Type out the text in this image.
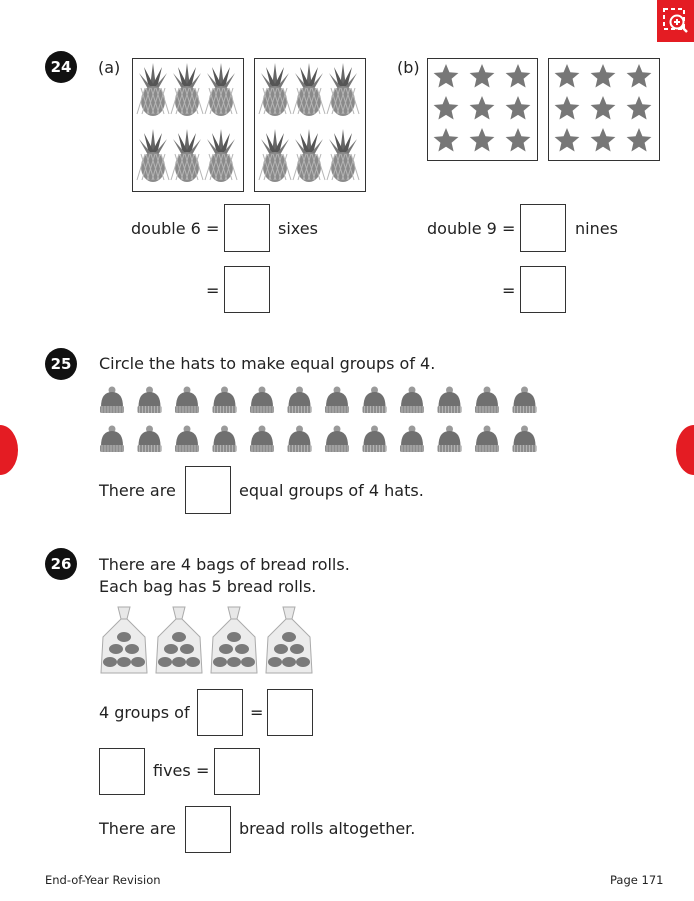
24	(a)	(b)
double 6 =	sixes
=
double 9 =	nines
=
25	Circle the hats to make equal groups of 4.
There are	equal groups of 4 hats.
26	There are 4 bags of bread rolls.
Each bag has 5 bread rolls.
4 groups of	=
fives =
There are	bread rolls altogether.
End-of-Year Revision	Page 171
